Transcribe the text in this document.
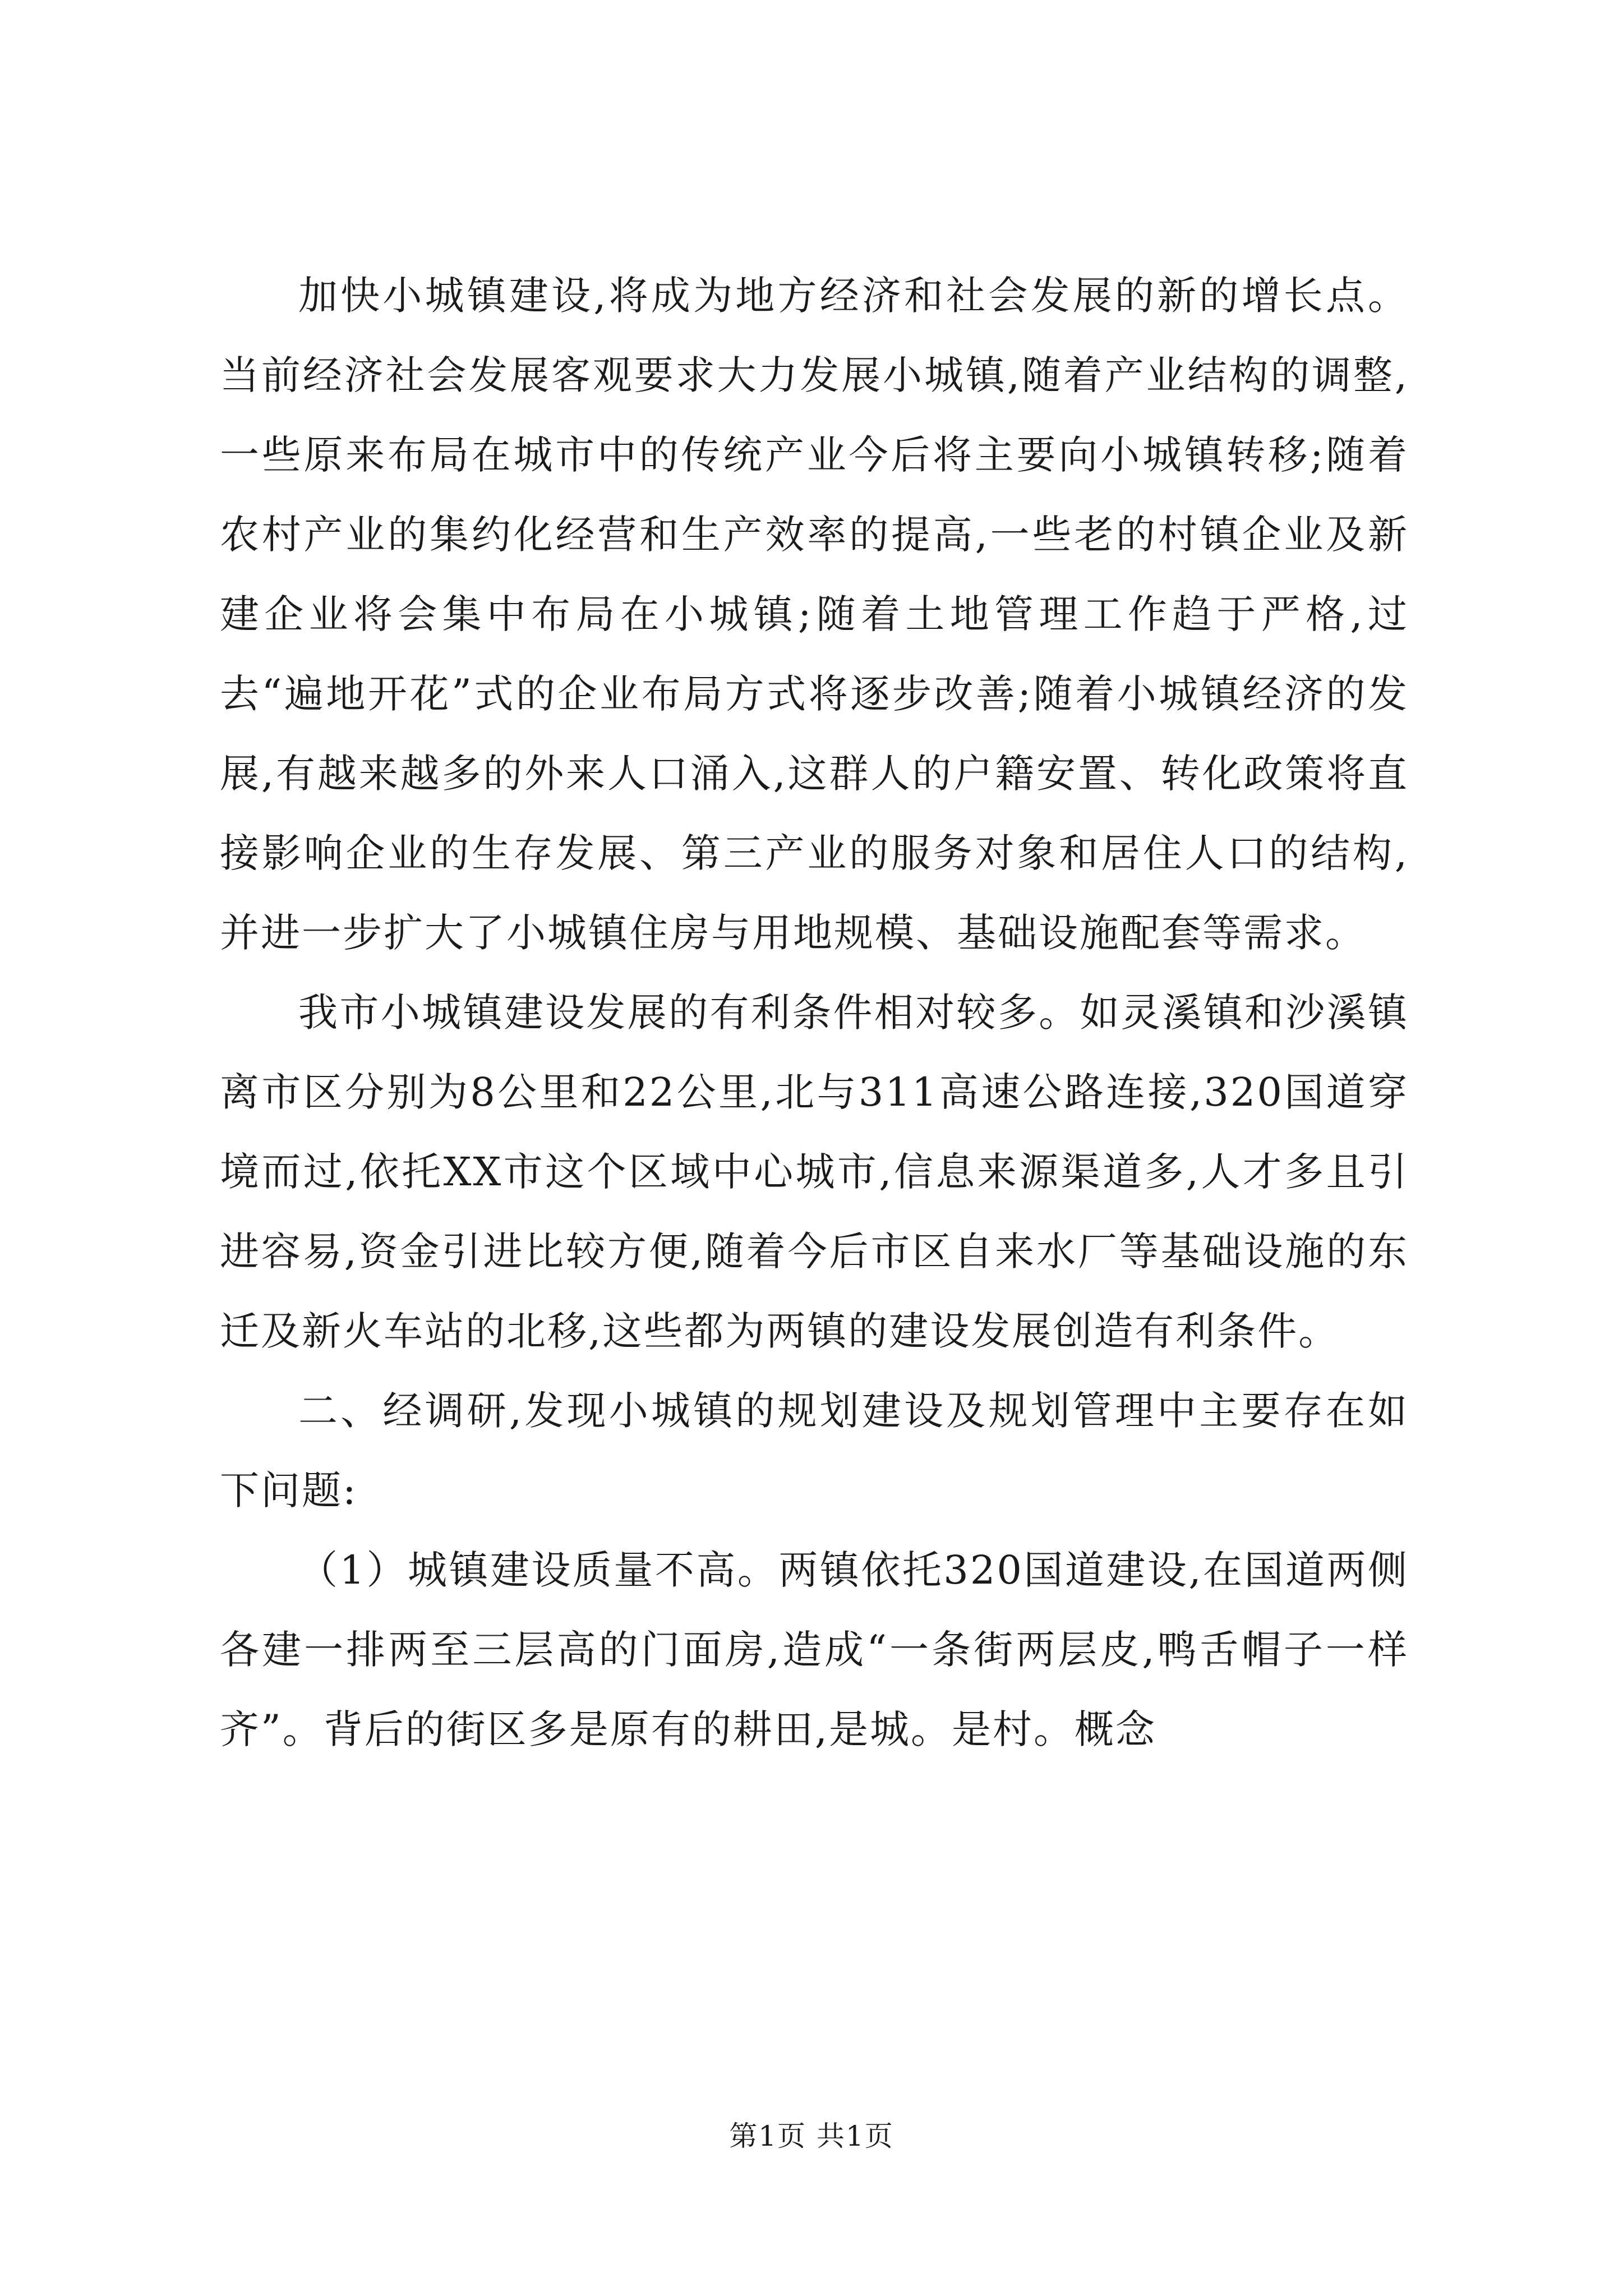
加快小城镇建设,将成为地方经济和社会发展的新的增长点。当前经济社会发展客观要求大力发展小城镇,随着产业结构的调整,一些原来布局在城市中的传统产业今后将主要向小城镇转移;随着农村产业的集约化经营和生产效率的提高,一些老的村镇企业及新建企业将会集中布局在小城镇;随着土地管理工作趋于严格,过去“遍地开花”式的企业布局方式将逐步改善;随着小城镇经济的发展,有越来越多的外来人口涌入,这群人的户籍安置、转化政策将直接影响企业的生存发展、第三产业的服务对象和居住人口的结构,并进一步扩大了小城镇住房与用地规模、基础设施配套等需求。

我市小城镇建设发展的有利条件相对较多。如灵溪镇和沙溪镇离市区分别为8公里和22公里,北与311高速公路连接,320国道穿境而过,依托XX市这个区域中心城市,信息来源渠道多,人才多且引进容易,资金引进比较方便,随着今后市区自来水厂等基础设施的东迁及新火车站的北移,这些都为两镇的建设发展创造有利条件。

二、经调研,发现小城镇的规划建设及规划管理中主要存在如下问题:

（1）城镇建设质量不高。两镇依托320国道建设,在国道两侧各建一排两至三层高的门面房,造成“一条街两层皮,鸭舌帽子一样齐”。背后的街区多是原有的耕田,是城。是村。概念

第1页 共1页
